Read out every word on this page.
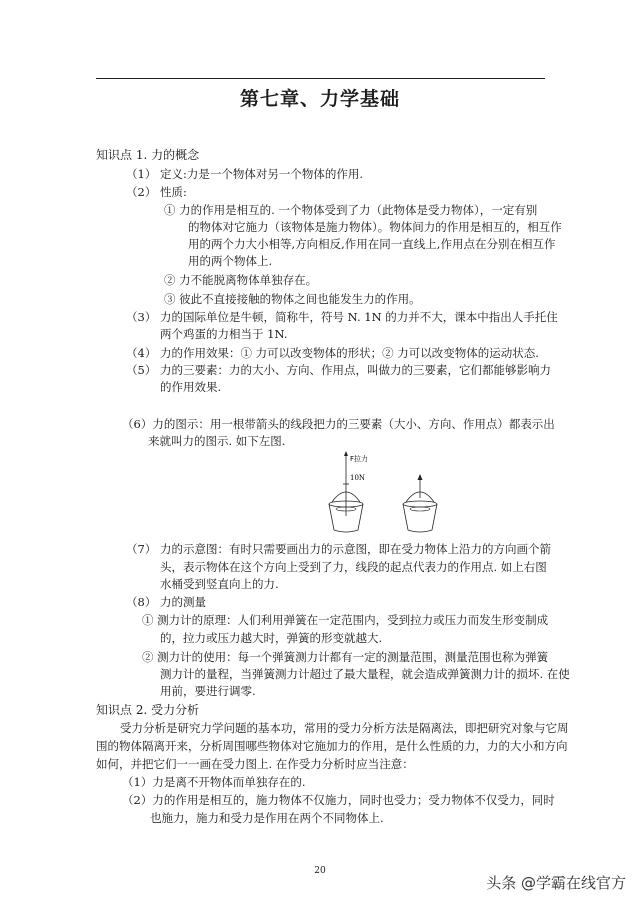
第七章、力学基础
知识点 1. 力的概念
（1） 定义:力是一个物体对另一个物体的作用.
（2） 性质:
① 力的作用是相互的. 一个物体受到了力（此物体是受力物体），一定有别
的物体对它施力（该物体是施力物体）。物体间力的作用是相互的，相互作
用的两个力大小相等,方向相反,作用在同一直线上,作用点在分别在相互作
用的两个物体上.
② 力不能脱离物体单独存在。
③ 彼此不直接接触的物体之间也能发生力的作用。
（3） 力的国际单位是牛顿，简称牛，符号 N. 1N 的力并不大，课本中指出人手托住
两个鸡蛋的力相当于 1N.
（4） 力的作用效果：① 力可以改变物体的形状；② 力可以改变物体的运动状态.
（5） 力的三要素：力的大小、方向、作用点，叫做力的三要素，它们都能够影响力
的作用效果.
（6）力的图示：用一根带箭头的线段把力的三要素（大小、方向、作用点）都表示出
来就叫力的图示. 如下左图.
F拉力
10N
（7） 力的示意图：有时只需要画出力的示意图，即在受力物体上沿力的方向画个箭
头，表示物体在这个方向上受到了力，线段的起点代表力的作用点. 如上右图
水桶受到竖直向上的力.
（8） 力的测量
① 测力计的原理：人们利用弹簧在一定范围内，受到拉力或压力而发生形变制成
的，拉力或压力越大时，弹簧的形变就越大.
② 测力计的使用：每一个弹簧测力计都有一定的测量范围，测量范围也称为弹簧
测力计的量程，当弹簧测力计超过了最大量程，就会造成弹簧测力计的损坏. 在使
用前，要进行调零.
知识点 2. 受力分析
受力分析是研究力学问题的基本功，常用的受力分析方法是隔离法，即把研究对象与它周
围的物体隔离开来，分析周围哪些物体对它施加力的作用，是什么性质的力，力的大小和方向
如何，并把它们一一画在受力图上. 在作受力分析时应当注意：
（1）力是离不开物体而单独存在的.
（2）力的作用是相互的，施力物体不仅施力，同时也受力；受力物体不仅受力，同时
也施力，施力和受力是作用在两个不同物体上.
20
头条 @学霸在线官方
